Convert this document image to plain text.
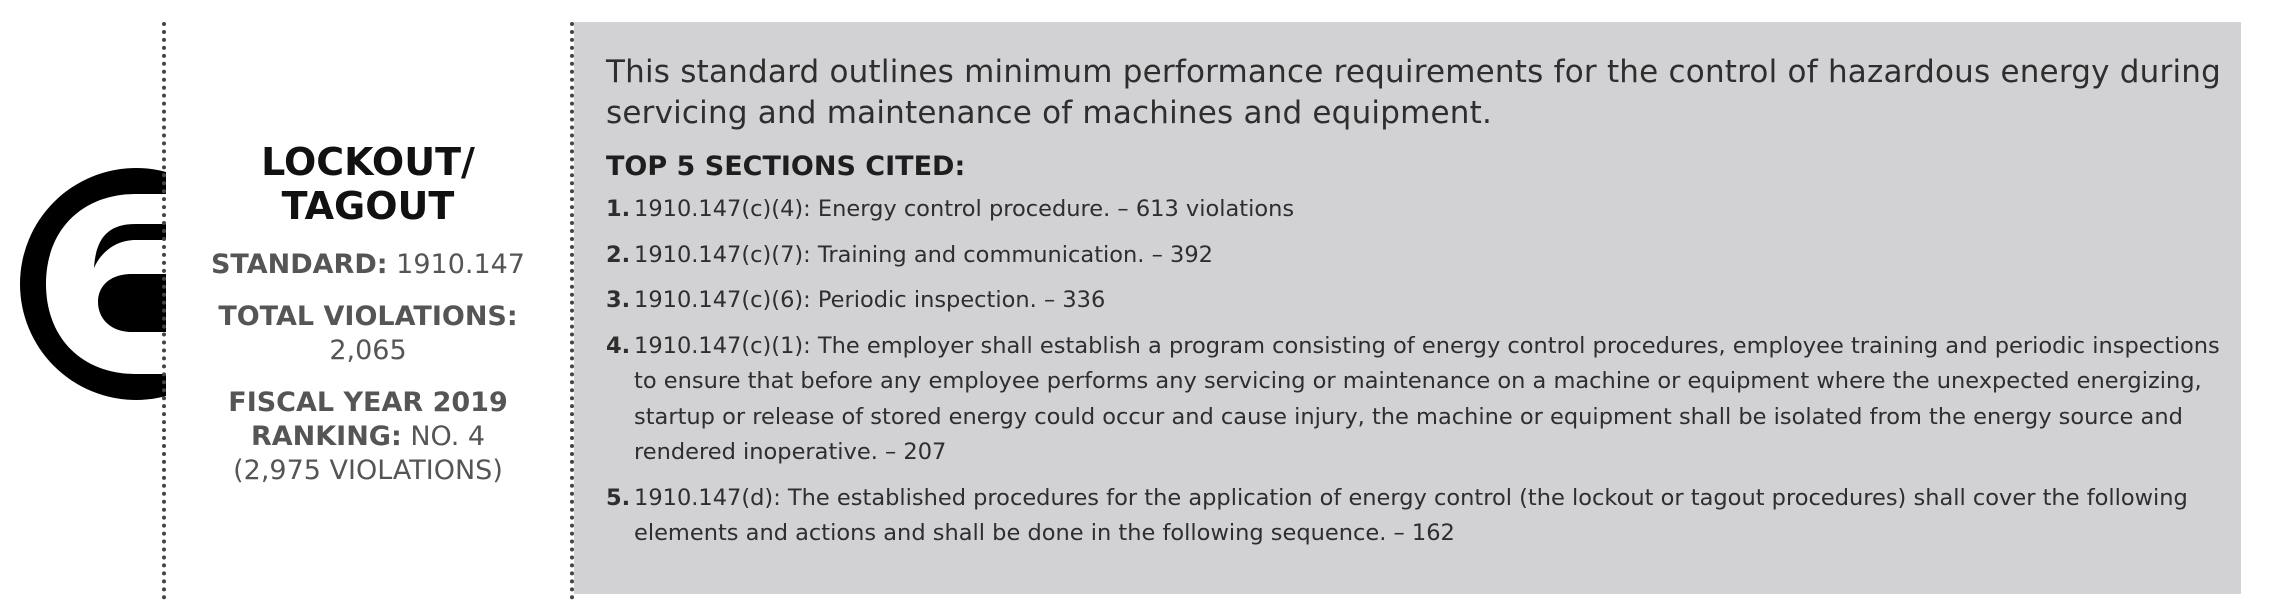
LOCKOUT/
TAGOUT
STANDARD: 1910.147
TOTAL VIOLATIONS: 2,065
FISCAL YEAR 2019
RANKING: NO. 4
(2,975 VIOLATIONS)

This standard outlines minimum performance requirements for the control of hazardous energy during servicing and maintenance of machines and equipment.

TOP 5 SECTIONS CITED:
1. 1910.147(c)(4): Energy control procedure. – 613 violations
2. 1910.147(c)(7): Training and communication. – 392
3. 1910.147(c)(6): Periodic inspection. – 336
4. 1910.147(c)(1): The employer shall establish a program consisting of energy control procedures, employee training and periodic inspections to ensure that before any employee performs any servicing or maintenance on a machine or equipment where the unexpected energizing, startup or release of stored energy could occur and cause injury, the machine or equipment shall be isolated from the energy source and rendered inoperative. – 207
5. 1910.147(d): The established procedures for the application of energy control (the lockout or tagout procedures) shall cover the following elements and actions and shall be done in the following sequence. – 162
